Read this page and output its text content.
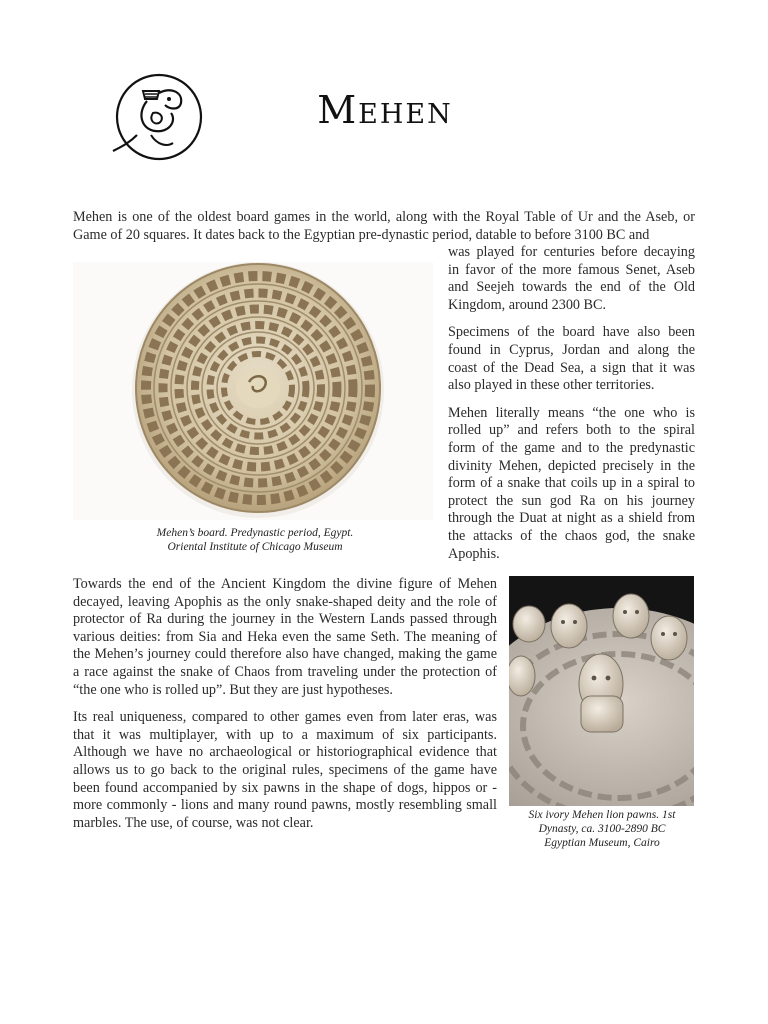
Mehen

Mehen is one of the oldest board games in the world, along with the Royal Table of Ur and the Aseb, or Game of 20 squares. It dates back to the Egyptian pre-dynastic period, datable to before 3100 BC and

Mehen’s board. Predynastic period, Egypt.

Oriental Institute of Chicago Museum

was played for centuries before decaying in favor of the more famous Senet, Aseb and Seejeh towards the end of the Old Kingdom, around 2300 BC.

Specimens of the board have also been found in Cyprus, Jordan and along the coast of the Dead Sea, a sign that it was also played in these other territories.

Mehen literally means “the one who is rolled up” and refers both to the spiral form of the game and to the predynastic divinity Mehen, depicted precisely in the form of a snake that coils up in a spiral to protect the sun god Ra on his journey through the Duat at night as a shield from the attacks of the chaos god, the snake Apophis.

Towards the end of the Ancient Kingdom the divine figure of Mehen decayed, leaving Apophis as the only snake-shaped deity and the role of protector of Ra during the journey in the Western Lands passed through various deities: from Sia and Heka even the same Seth. The meaning of the Mehen’s journey could therefore also have changed, making the game a race against the snake of Chaos from traveling under the protection of “the one who is rolled up”. But they are just hypotheses.

Its real uniqueness, compared to other games even from later eras, was that it was multiplayer, with up to a maximum of six participants. Although we have no archaeological or historiographical evidence that allows us to go back to the original rules, specimens of the game have been found accompanied by six pawns in the shape of dogs, hippos or - more commonly - lions and many round pawns, mostly resembling small marbles. The use, of course, was not clear.	Six ivory Mehen lion pawns. 1st

Dynasty, ca. 3100-2890 BC

Egyptian Museum, Cairo
